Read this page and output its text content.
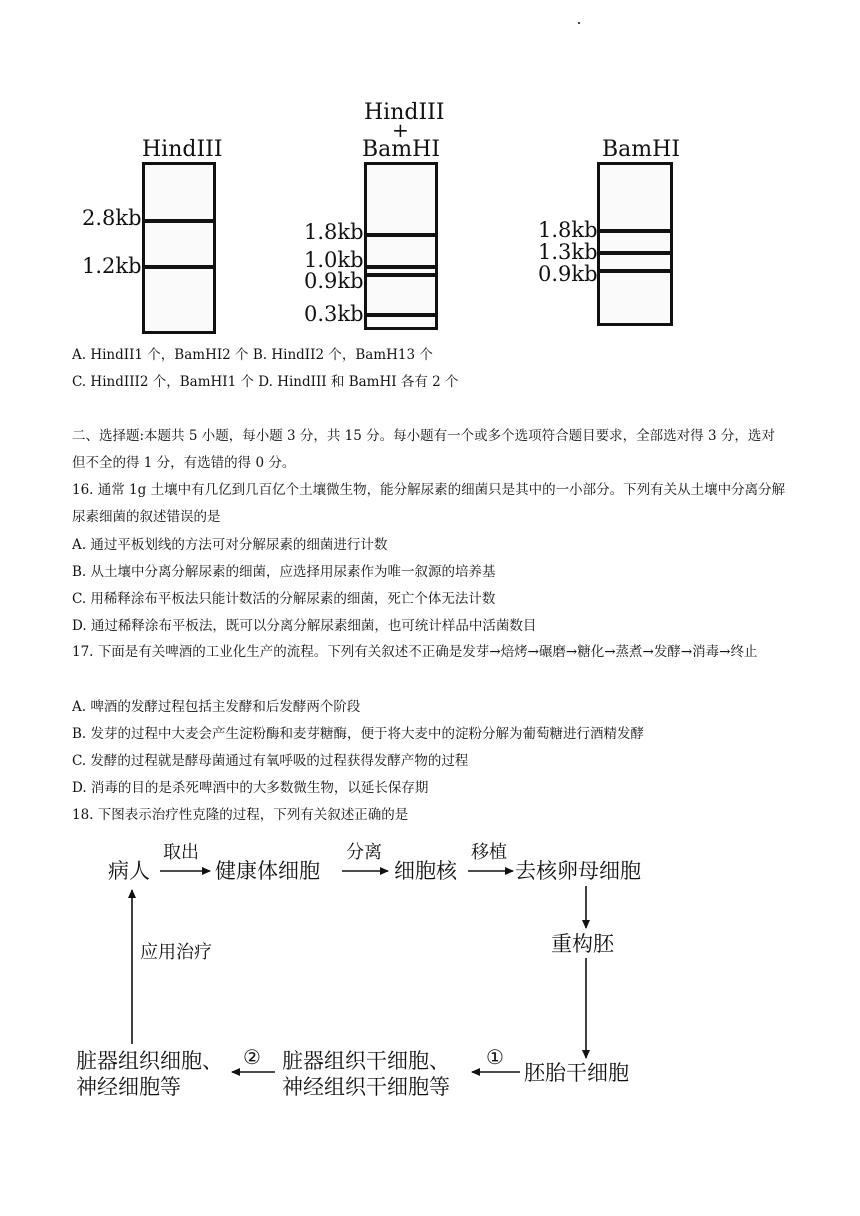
HindIII
2.8kb
1.2kb
HindIII
+
BamHI
1.8kb
1.0kb
0.9kb
0.3kb
BamHI
1.8kb
1.3kb
0.9kb
A. HindII1 个，BamHI2 个 B. HindII2 个，BamH13 个
C. HindIII2 个，BamHI1 个 D. HindIII 和 BamHI 各有 2 个
二、选择题:本题共 5 小题，每小题 3 分，共 15 分。每小题有一个或多个选项符合题目要求，全部选对得 3 分，选对但不全的得 1 分，有选错的得 0 分。
16. 通常 1g 土壤中有几亿到几百亿个土壤微生物，能分解尿素的细菌只是其中的一小部分。下列有关从土壤中分离分解尿素细菌的叙述错误的是
A. 通过平板划线的方法可对分解尿素的细菌进行计数
B. 从土壤中分离分解尿素的细菌，应选择用尿素作为唯一叙源的培养基
C. 用稀释涂布平板法只能计数活的分解尿素的细菌，死亡个体无法计数
D. 通过稀释涂布平板法，既可以分离分解尿素细菌，也可统计样品中活菌数目
17. 下面是有关啤酒的工业化生产的流程。下列有关叙述不正确是发芽→焙烤→碾磨→糖化→蒸煮→发酵→消毒→终止
A. 啤酒的发酵过程包括主发酵和后发酵两个阶段
B. 发芽的过程中大麦会产生淀粉酶和麦芽糖酶，便于将大麦中的淀粉分解为葡萄糖进行酒精发酵
C. 发酵的过程就是酵母菌通过有氧呼吸的过程获得发酵产物的过程
D. 消毒的目的是杀死啤酒中的大多数微生物，以延长保存期
18. 下图表示治疗性克隆的过程，下列有关叙述正确的是
病人
取出
健康体细胞
分离
细胞核
移植
去核卵母细胞
重构胚
胚胎干细胞
①
脏器组织干细胞、
神经组织干细胞等
②
脏器组织细胞、
神经细胞等
应用治疗
